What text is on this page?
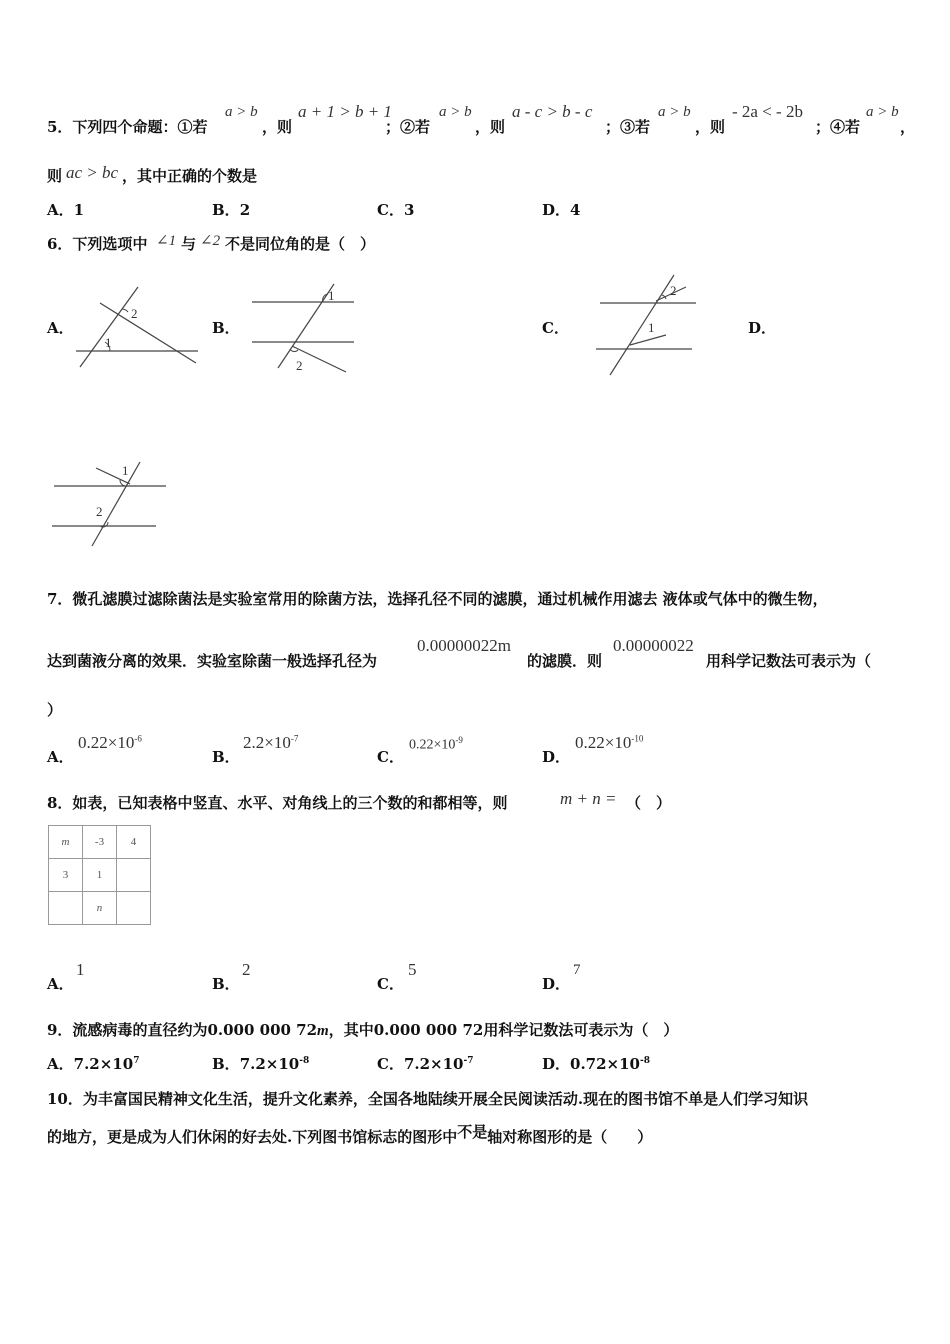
5．下列四个命题：①若
a > b
，则
a + 1 > b + 1
；②若
a > b
，则
a - c > b - c
；③若
a > b
，则
- 2a < - 2b
；④若
a > b
，
则 ac > bc ，其中正确的个数是
A．1	B．2	C．3	D．4
6．下列选项中 ∠1 与 ∠2 不是同位角的是（　）
A．	B．	C．	D．
1
2
1
2
2
1
1
2
7．微孔滤膜过滤除菌法是实验室常用的除菌方法，选择孔径不同的滤膜，通过机械作用滤去 液体或气体中的微生物，
达到菌液分离的效果．实验室除菌一般选择孔径为
0.00000022m
的滤膜．则
0.00000022
用科学记数法可表示为（
）
A．
$0.22\times 10^{-6}$
B．
$2.2\times 10^{-7}$
C．
$0.22\times 10^{-9}$
D．
$0.22\times 10^{-10}$
8．如表，已知表格中竖直、水平、对角线上的三个数的和都相等，则	m + n = （　）
m	-3	4
3	1	
	n	
A．
1
B．
2
C．
5
D．
7
9．流感病毒的直径约为0.000 000 72m，其中0.000 000 72用科学记数法可表示为（　）
A．$7.2\times 10^7$	B．$7.2\times 10^{-8}$	C．$7.2\times 10^{-7}$	D．$0.72\times 10^{-8}$
10．为丰富国民精神文化生活，提升文化素养，全国各地陆续开展全民阅读活动.现在的图书馆不单是人们学习知识
的地方，更是成为人们休闲的好去处.下列图书馆标志的图形中不是轴对称图形的是（　　）
